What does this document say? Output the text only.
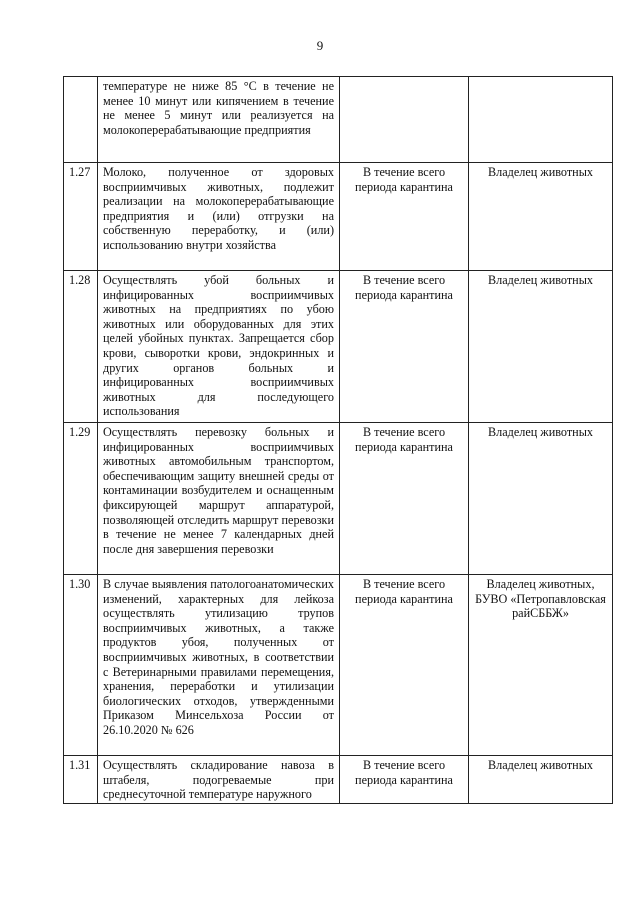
9
	температуре не ниже 85 °С в течение не менее 10 минут или кипячением в течение не менее 5 минут или реализуется на молокоперерабатывающие предприятия		
1.27	Молоко, полученное от здоровых восприимчивых животных, подлежит реализации на молокоперерабатывающие предприятия и (или) отгрузки на собственную переработку, и (или) использованию внутри хозяйства	В течение всего периода карантина	Владелец животных
1.28	Осуществлять убой больных и инфицированных восприимчивых животных на предприятиях по убою животных или оборудованных для этих целей убойных пунктах. Запрещается сбор крови, сыворотки крови, эндокринных и других органов больных и инфицированных восприимчивых животных для последующего использования	В течение всего периода карантина	Владелец животных
1.29	Осуществлять перевозку больных и инфицированных восприимчивых животных автомобильным транспортом, обеспечивающим защиту внешней среды от контаминации возбудителем и оснащенным фиксирующей маршрут аппаратурой, позволяющей отследить маршрут перевозки в течение не менее 7 календарных дней после дня завершения перевозки	В течение всего периода карантина	Владелец животных
1.30	В случае выявления патологоанатомических изменений, характерных для лейкоза осуществлять утилизацию трупов восприимчивых животных, а также продуктов убоя, полученных от восприимчивых животных, в соответствии с Ветеринарными правилами перемещения, хранения, переработки и утилизации биологических отходов, утвержденными Приказом Минсельхоза России от 26.10.2020 № 626	В течение всего периода карантина	Владелец животных, БУВО «Петропавловская райСББЖ»
1.31	Осуществлять складирование навоза в штабеля, подогреваемые при среднесуточной температуре наружного	В течение всего периода карантина	Владелец животных
